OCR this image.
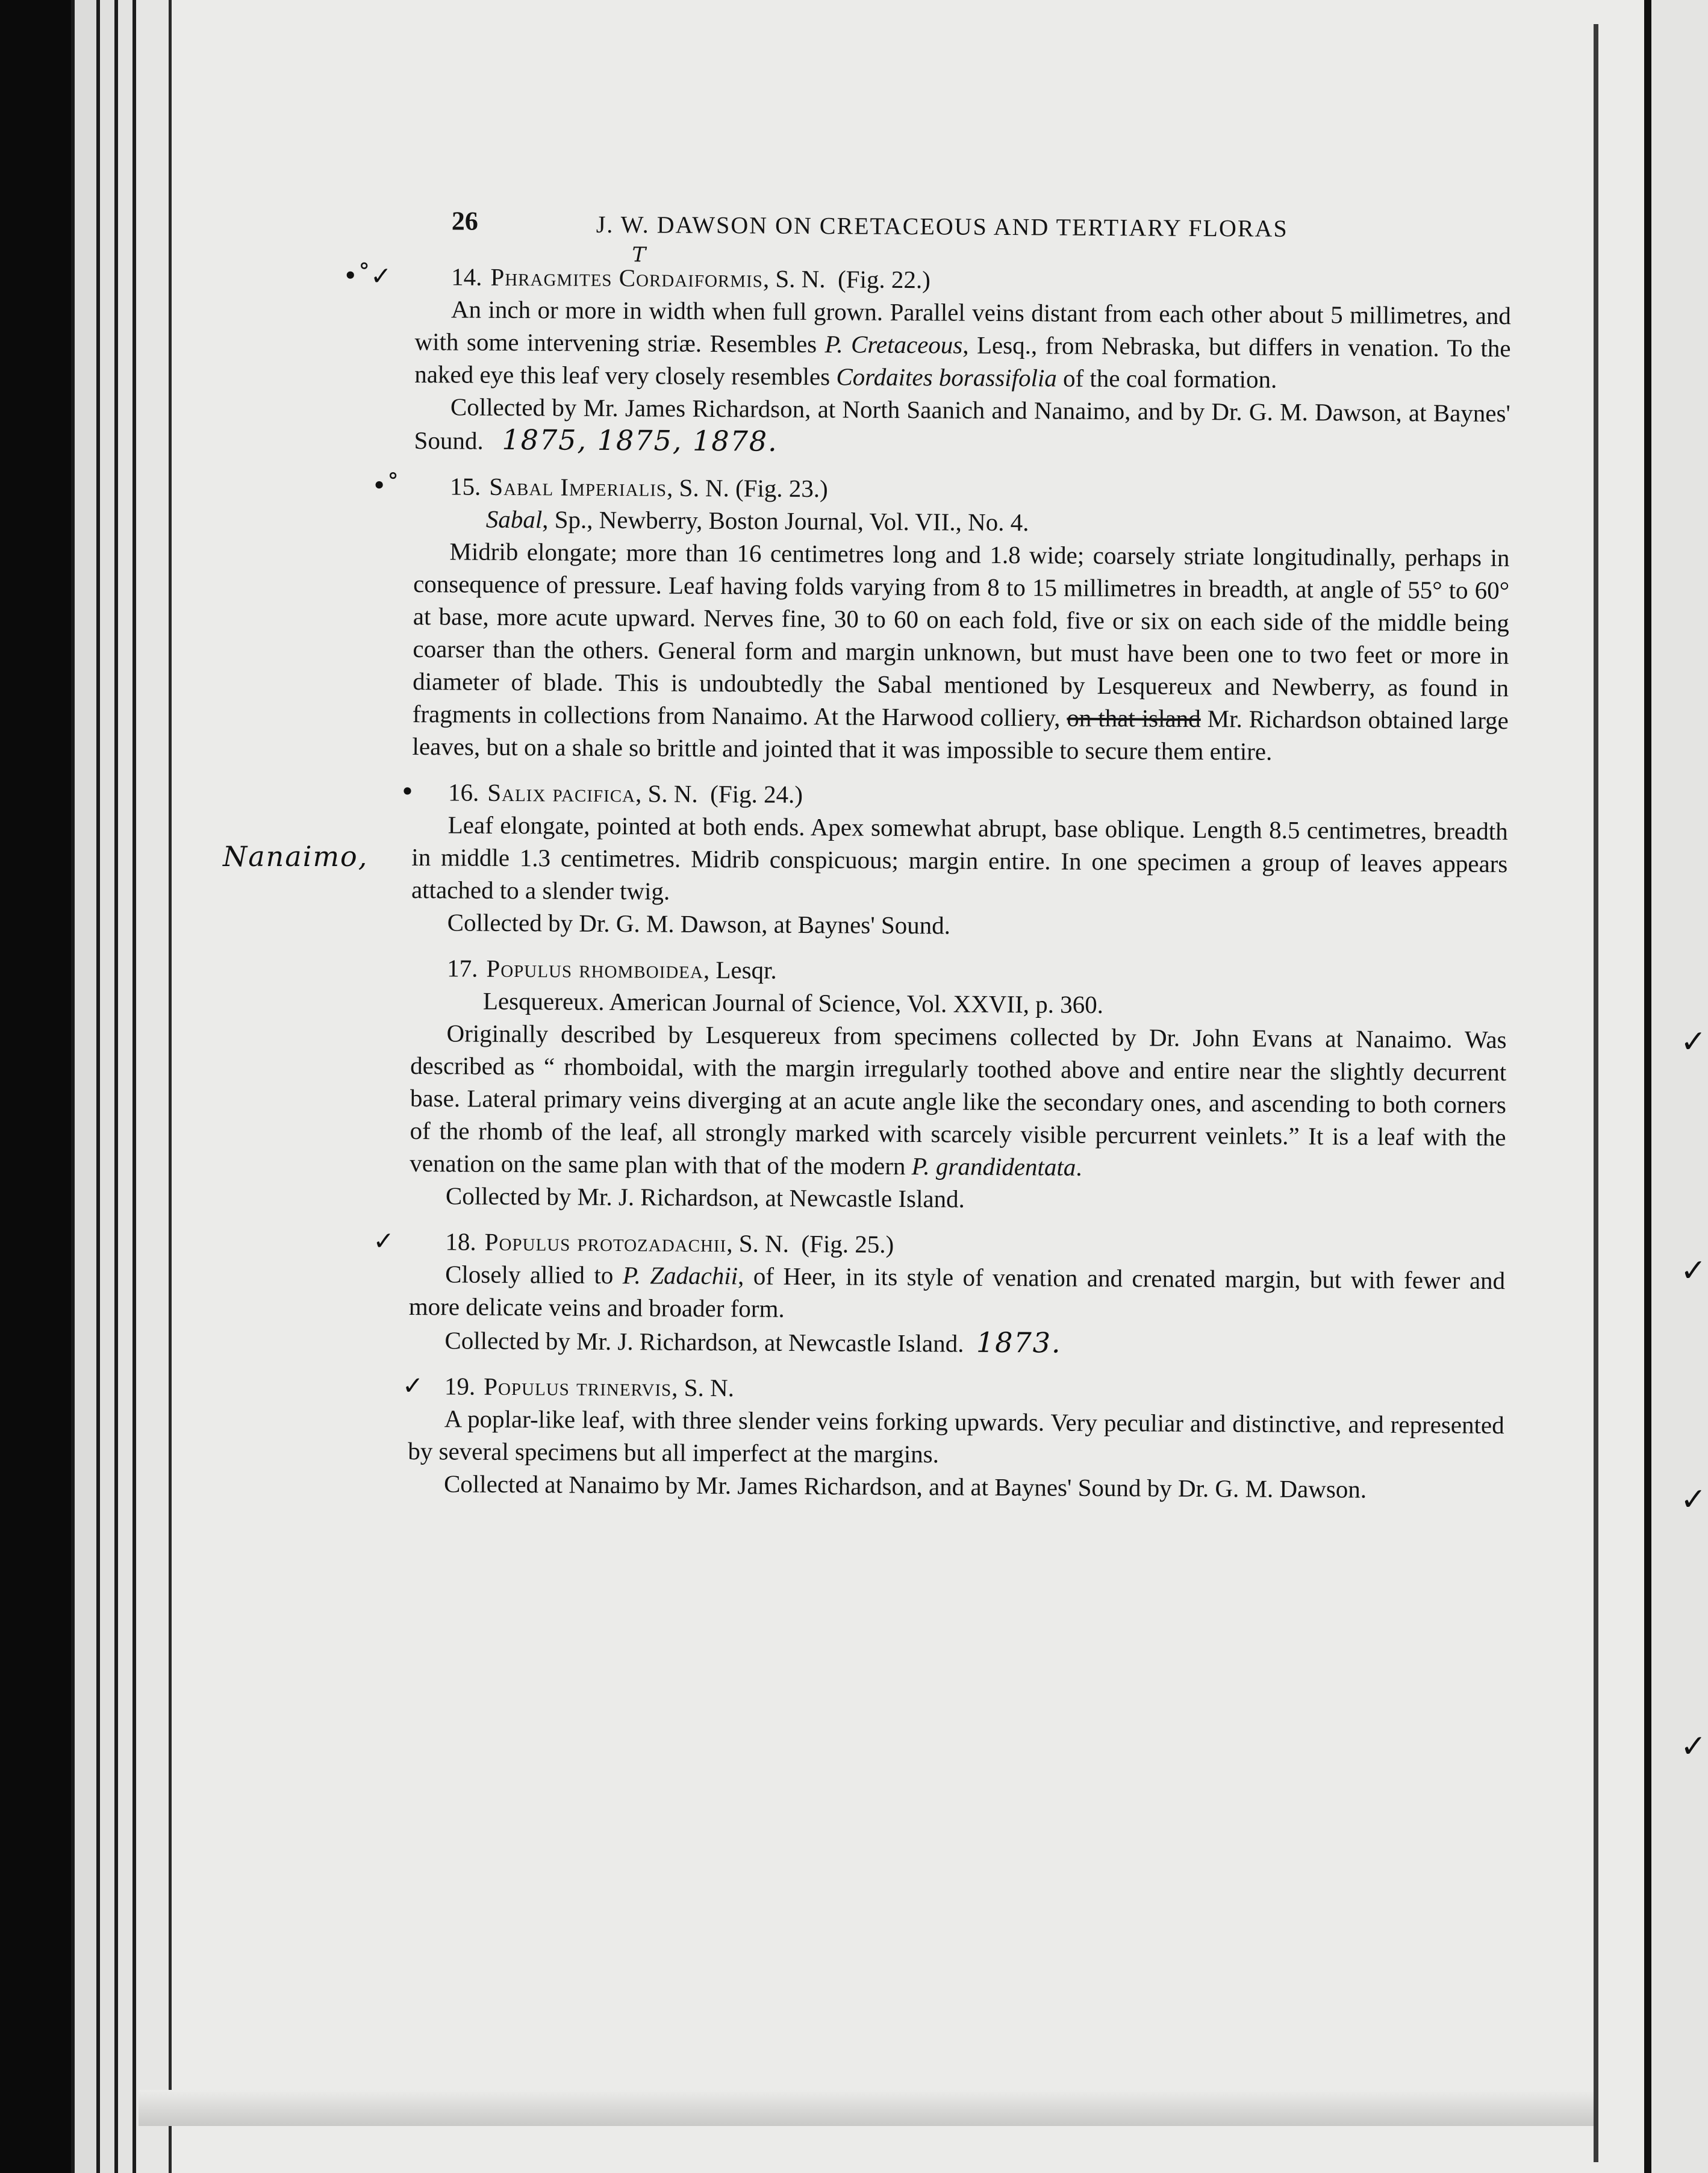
26	J. W. DAWSON ON CRETACEOUS AND TERTIARY FLORAS
•˚✓ 14. Phragmites Cordaiformis, S. N. (Fig. 22.)
T
An inch or more in width when full grown. Parallel veins distant from each other about 5 millimetres, and with some intervening striæ. Resembles P. Cretaceous, Lesq., from Nebraska, but differs in venation. To the naked eye this leaf very closely resembles Cordaites borassifolia of the coal formation.
Collected by Mr. James Richardson, at North Saanich and Nanaimo, and by Dr. G. M. Dawson, at Baynes' Sound. 1875, 1875, 1878.
•˚ 15. Sabal Imperialis, S. N. (Fig. 23.)
Sabal, Sp., Newberry, Boston Journal, Vol. VII., No. 4.
Midrib elongate; more than 16 centimetres long and 1.8 wide; coarsely striate longitudinally, perhaps in consequence of pressure. Leaf having folds varying from 8 to 15 millimetres in breadth, at angle of 55° to 60° at base, more acute upward. Nerves fine, 30 to 60 on each fold, five or six on each side of the middle being coarser than the others. General form and margin unknown, but must have been one to two feet or more in diameter of blade. This is undoubtedly the Sabal mentioned by Lesquereux and Newberry, as found in fragments in collections from Nanaimo. At the Harwood colliery, on that island Mr. Richardson obtained large leaves, but on a shale so brittle and jointed that it was impossible to secure them entire.
• 16. Salix pacifica, S. N. (Fig. 24.)
Leaf elongate, pointed at both ends. Apex somewhat abrupt, base oblique. Length 8.5 centimetres, breadth in middle 1.3 centimetres. Midrib conspicuous; margin entire. In one specimen a group of leaves appears attached to a slender twig.
Collected by Dr. G. M. Dawson, at Baynes' Sound.
17. Populus rhomboidea, Lesqr.
Lesquereux. American Journal of Science, Vol. XXVII, p. 360.
Originally described by Lesquereux from specimens collected by Dr. John Evans at Nanaimo. Was described as “ rhomboidal, with the margin irregularly toothed above and entire near the slightly decurrent base. Lateral primary veins diverging at an acute angle like the secondary ones, and ascending to both corners of the rhomb of the leaf, all strongly marked with scarcely visible percurrent veinlets.” It is a leaf with the venation on the same plan with that of the modern P. grandidentata.
Collected by Mr. J. Richardson, at Newcastle Island.
✓ 18. Populus protozadachii, S. N. (Fig. 25.)
Closely allied to P. Zadachii, of Heer, in its style of venation and crenated margin, but with fewer and more delicate veins and broader form.
Collected by Mr. J. Richardson, at Newcastle Island. 1873.
✓ 19. Populus trinervis, S. N.
A poplar-like leaf, with three slender veins forking upwards. Very peculiar and distinctive, and represented by several specimens but all imperfect at the margins.
Collected at Nanaimo by Mr. James Richardson, and at Baynes' Sound by Dr. G. M. Dawson.
Nanaimo,
✓
✓
✓
✓
